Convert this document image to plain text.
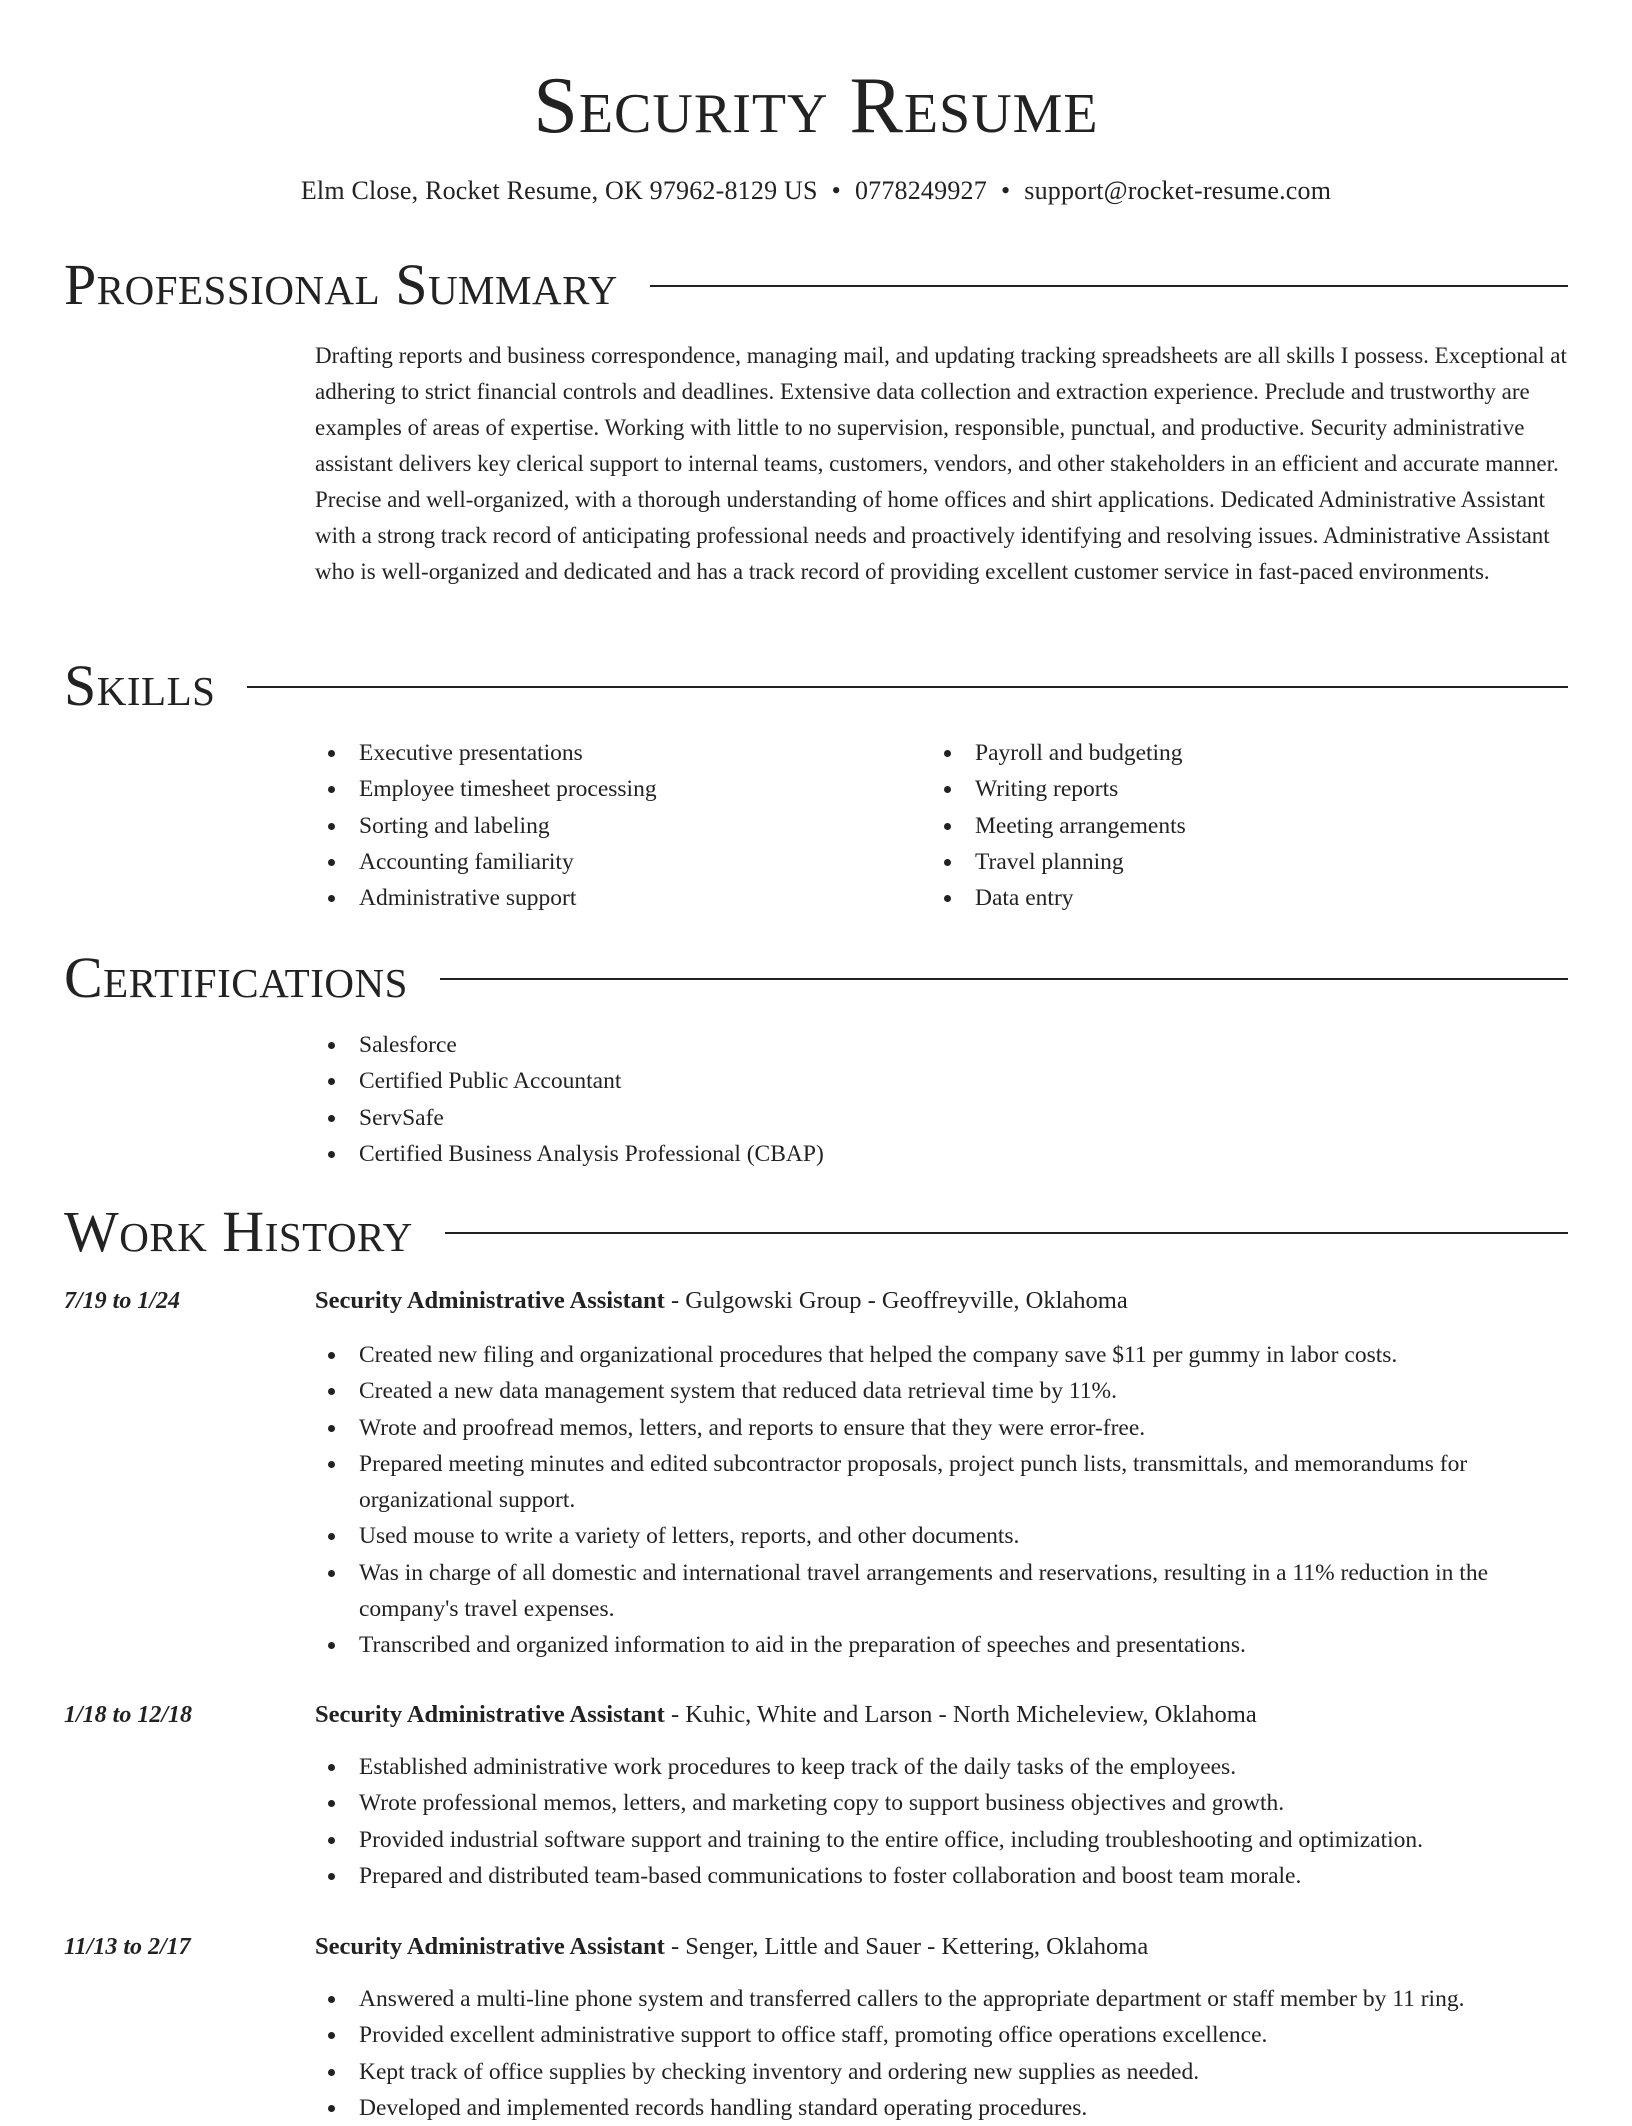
Security Resume
Elm Close, Rocket Resume, OK 97962-8129 US • 0778249927 • support@rocket-resume.com
Professional Summary
Drafting reports and business correspondence, managing mail, and updating tracking spreadsheets are all skills I possess. Exceptional at adhering to strict financial controls and deadlines. Extensive data collection and extraction experience. Preclude and trustworthy are examples of areas of expertise. Working with little to no supervision, responsible, punctual, and productive. Security administrative assistant delivers key clerical support to internal teams, customers, vendors, and other stakeholders in an efficient and accurate manner. Precise and well-organized, with a thorough understanding of home offices and shirt applications. Dedicated Administrative Assistant with a strong track record of anticipating professional needs and proactively identifying and resolving issues. Administrative Assistant who is well-organized and dedicated and has a track record of providing excellent customer service in fast-paced environments.
Skills
Executive presentations
Employee timesheet processing
Sorting and labeling
Accounting familiarity
Administrative support
Payroll and budgeting
Writing reports
Meeting arrangements
Travel planning
Data entry
Certifications
Salesforce
Certified Public Accountant
ServSafe
Certified Business Analysis Professional (CBAP)
Work History
7/19 to 1/24	Security Administrative Assistant - Gulgowski Group - Geoffreyville, Oklahoma
Created new filing and organizational procedures that helped the company save $11 per gummy in labor costs.
Created a new data management system that reduced data retrieval time by 11%.
Wrote and proofread memos, letters, and reports to ensure that they were error-free.
Prepared meeting minutes and edited subcontractor proposals, project punch lists, transmittals, and memorandums for organizational support.
Used mouse to write a variety of letters, reports, and other documents.
Was in charge of all domestic and international travel arrangements and reservations, resulting in a 11% reduction in the company's travel expenses.
Transcribed and organized information to aid in the preparation of speeches and presentations.
1/18 to 12/18	Security Administrative Assistant - Kuhic, White and Larson - North Micheleview, Oklahoma
Established administrative work procedures to keep track of the daily tasks of the employees.
Wrote professional memos, letters, and marketing copy to support business objectives and growth.
Provided industrial software support and training to the entire office, including troubleshooting and optimization.
Prepared and distributed team-based communications to foster collaboration and boost team morale.
11/13 to 2/17	Security Administrative Assistant - Senger, Little and Sauer - Kettering, Oklahoma
Answered a multi-line phone system and transferred callers to the appropriate department or staff member by 11 ring.
Provided excellent administrative support to office staff, promoting office operations excellence.
Kept track of office supplies by checking inventory and ordering new supplies as needed.
Developed and implemented records handling standard operating procedures.
